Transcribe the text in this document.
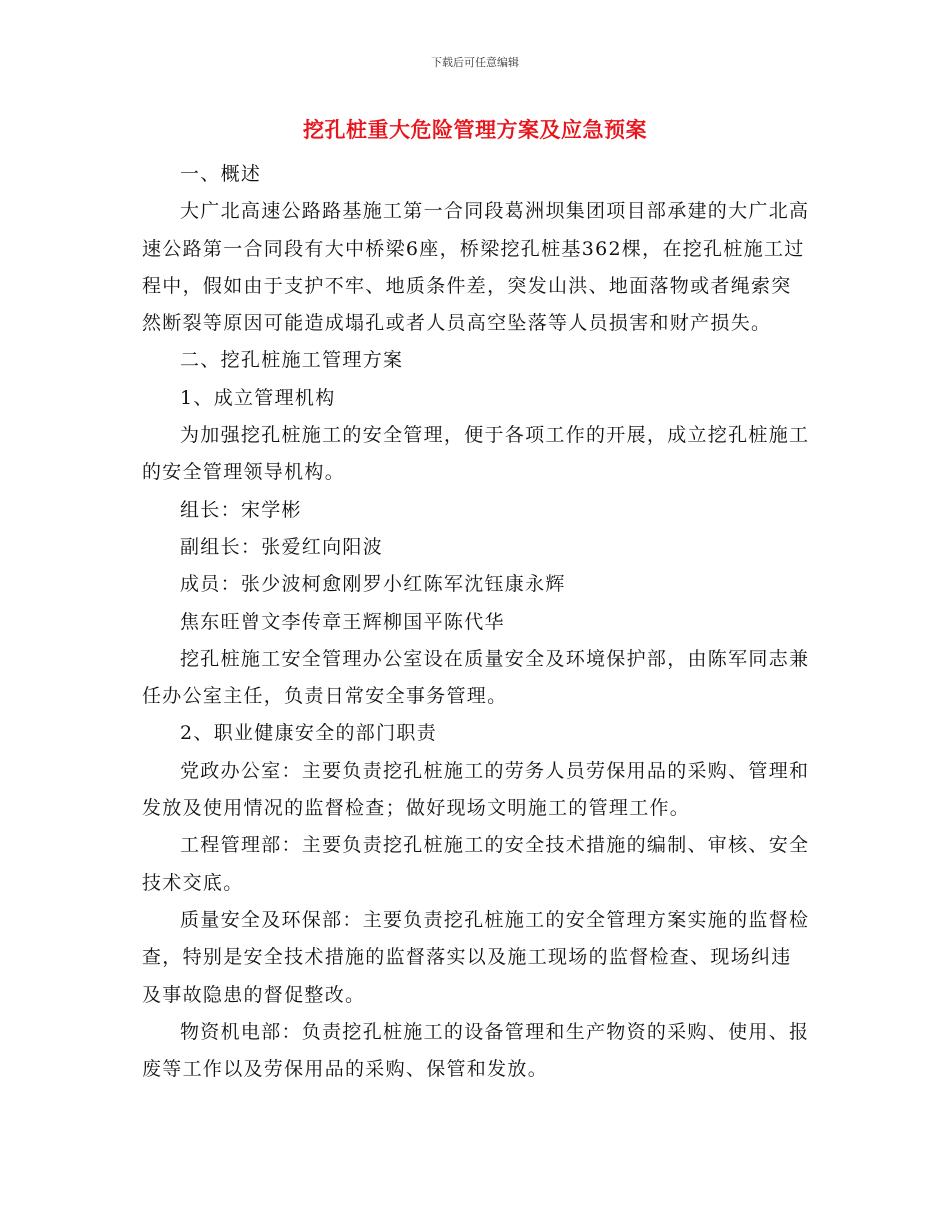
下载后可任意编辑
挖孔桩重大危险管理方案及应急预案

一、概述

大广北高速公路路基施工第一合同段葛洲坝集团项目部承建的大广北高速公路第一合同段有大中桥梁6座，桥梁挖孔桩基362棵，在挖孔桩施工过程中，假如由于支护不牢、地质条件差，突发山洪、地面落物或者绳索突然断裂等原因可能造成塌孔或者人员高空坠落等人员损害和财产损失。

二、挖孔桩施工管理方案

1、成立管理机构

为加强挖孔桩施工的安全管理，便于各项工作的开展，成立挖孔桩施工的安全管理领导机构。

组长：宋学彬

副组长：张爱红向阳波

成员：张少波柯愈刚罗小红陈军沈钰康永辉

焦东旺曾文李传章王辉柳国平陈代华

挖孔桩施工安全管理办公室设在质量安全及环境保护部，由陈军同志兼任办公室主任，负责日常安全事务管理。

2、职业健康安全的部门职责

党政办公室：主要负责挖孔桩施工的劳务人员劳保用品的采购、管理和发放及使用情况的监督检查；做好现场文明施工的管理工作。

工程管理部：主要负责挖孔桩施工的安全技术措施的编制、审核、安全技术交底。

质量安全及环保部：主要负责挖孔桩施工的安全管理方案实施的监督检查，特别是安全技术措施的监督落实以及施工现场的监督检查、现场纠违及事故隐患的督促整改。

物资机电部：负责挖孔桩施工的设备管理和生产物资的采购、使用、报废等工作以及劳保用品的采购、保管和发放。
